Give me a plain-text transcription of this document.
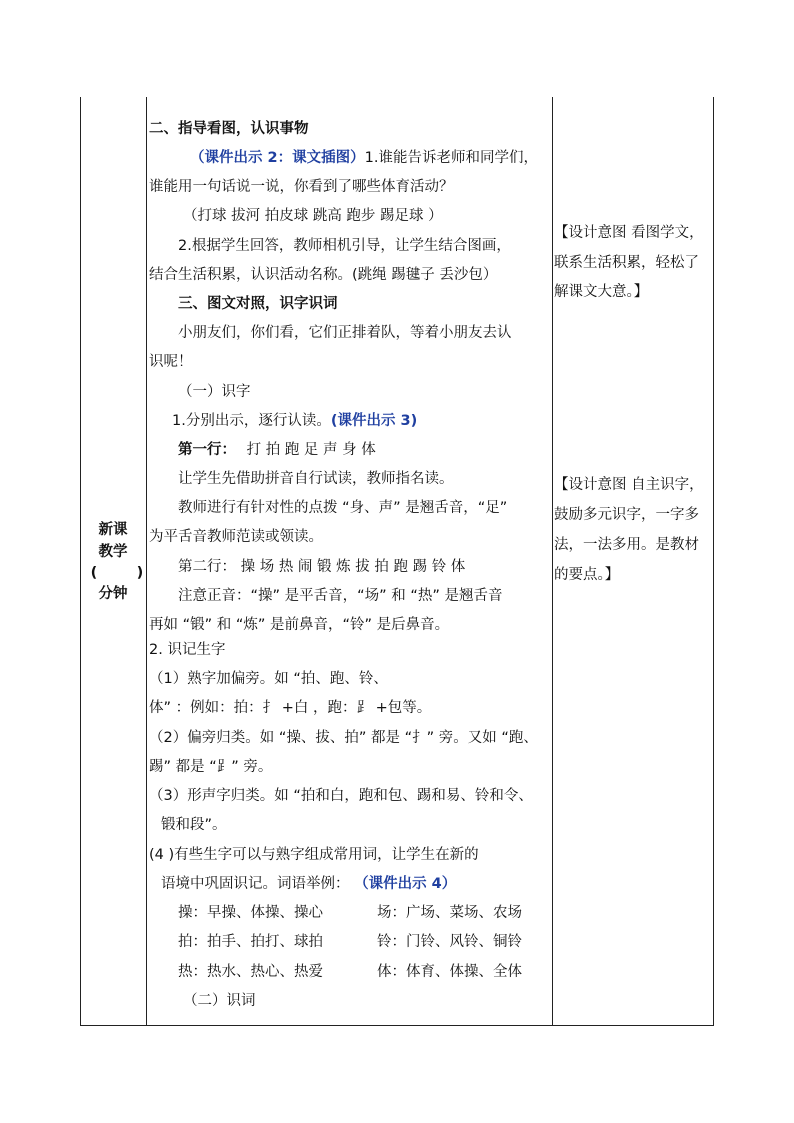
新课
教学
(	)
分钟
二、指导看图，认识事物
（课件出示 2：课文插图）1.谁能告诉老师和同学们，
谁能用一句话说一说，你看到了哪些体育活动？
（打球 拔河 拍皮球 跳高 跑步 踢足球 ）
2.根据学生回答，教师相机引导，让学生结合图画，
结合生活积累，认识活动名称。(跳绳 踢毽子 丢沙包）
三、图文对照，识字识词
小朋友们，你们看，它们正排着队，等着小朋友去认
识呢！
（一）识字
1.分别出示，逐行认读。(课件出示 3)
第一行： 打 拍 跑 足 声 身 体
让学生先借助拼音自行试读，教师指名读。
教师进行有针对性的点拨 “身、声” 是翘舌音，“足”
为平舌音教师范读或领读。
第二行： 操 场 热 闹 锻 炼 拔 拍 跑 踢 铃 体
注意正音：“操” 是平舌音，“场” 和 “热” 是翘舌音
再如 “锻” 和 “炼” 是前鼻音，“铃” 是后鼻音。
2. 识记生字
（1）熟字加偏旁。如 “拍、跑、铃、
体” ：例如：拍：扌 +白 ，跑：⻊ +包等。
（2）偏旁归类。如 “操、拔、拍” 都是 “扌” 旁。又如 “跑、
踢” 都是 “⻊” 旁。
（3）形声字归类。如 “拍和白，跑和包、踢和易、铃和令、
锻和段”。
(4 )有些生字可以与熟字组成常用词，让学生在新的
语境中巩固识记。词语举例： （课件出示 4）
操：早操、体操、操心	场：广场、菜场、农场
拍：拍手、拍打、球拍	铃：门铃、风铃、铜铃
热：热水、热心、热爱	体：体育、体操、全体
（二）识词
【设计意图 看图学文，
联系生活积累，轻松了
解课文大意。】
【设计意图 自主识字，
鼓励多元识字，一字多
法，一法多用。是教材
的要点。】
